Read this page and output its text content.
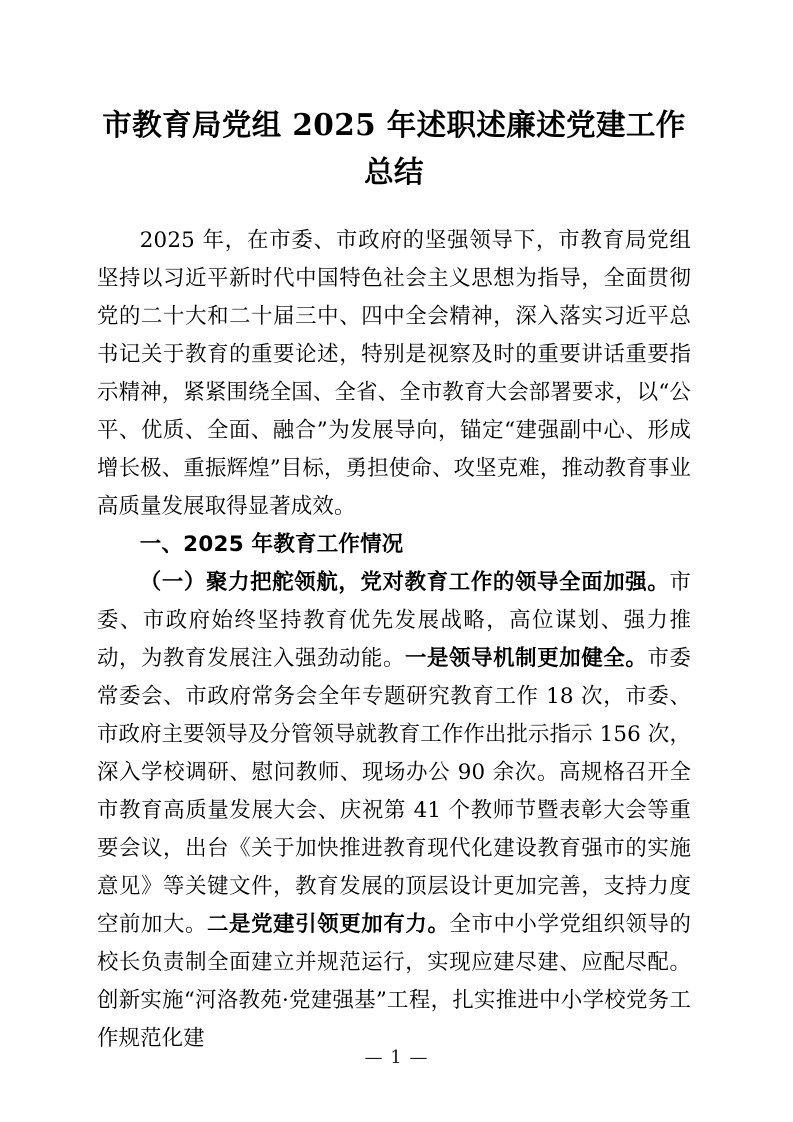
市教育局党组 2025 年述职述廉述党建工作总结

2025 年，在市委、市政府的坚强领导下，市教育局党组坚持以习近平新时代中国特色社会主义思想为指导，全面贯彻党的二十大和二十届三中、四中全会精神，深入落实习近平总书记关于教育的重要论述，特别是视察及时的重要讲话重要指示精神，紧紧围绕全国、全省、全市教育大会部署要求，以“公平、优质、全面、融合”为发展导向，锚定“建强副中心、形成增长极、重振辉煌”目标，勇担使命、攻坚克难，推动教育事业高质量发展取得显著成效。

一、2025 年教育工作情况

（一）聚力把舵领航，党对教育工作的领导全面加强。市委、市政府始终坚持教育优先发展战略，高位谋划、强力推动，为教育发展注入强劲动能。一是领导机制更加健全。市委常委会、市政府常务会全年专题研究教育工作 18 次，市委、市政府主要领导及分管领导就教育工作作出批示指示 156 次，深入学校调研、慰问教师、现场办公 90 余次。高规格召开全市教育高质量发展大会、庆祝第 41 个教师节暨表彰大会等重要会议，出台《关于加快推进教育现代化建设教育强市的实施意见》等关键文件，教育发展的顶层设计更加完善，支持力度空前加大。二是党建引领更加有力。全市中小学党组织领导的校长负责制全面建立并规范运行，实现应建尽建、应配尽配。创新实施“河洛教苑·党建强基”工程，扎实推进中小学校党务工作规范化建

— 1 —
